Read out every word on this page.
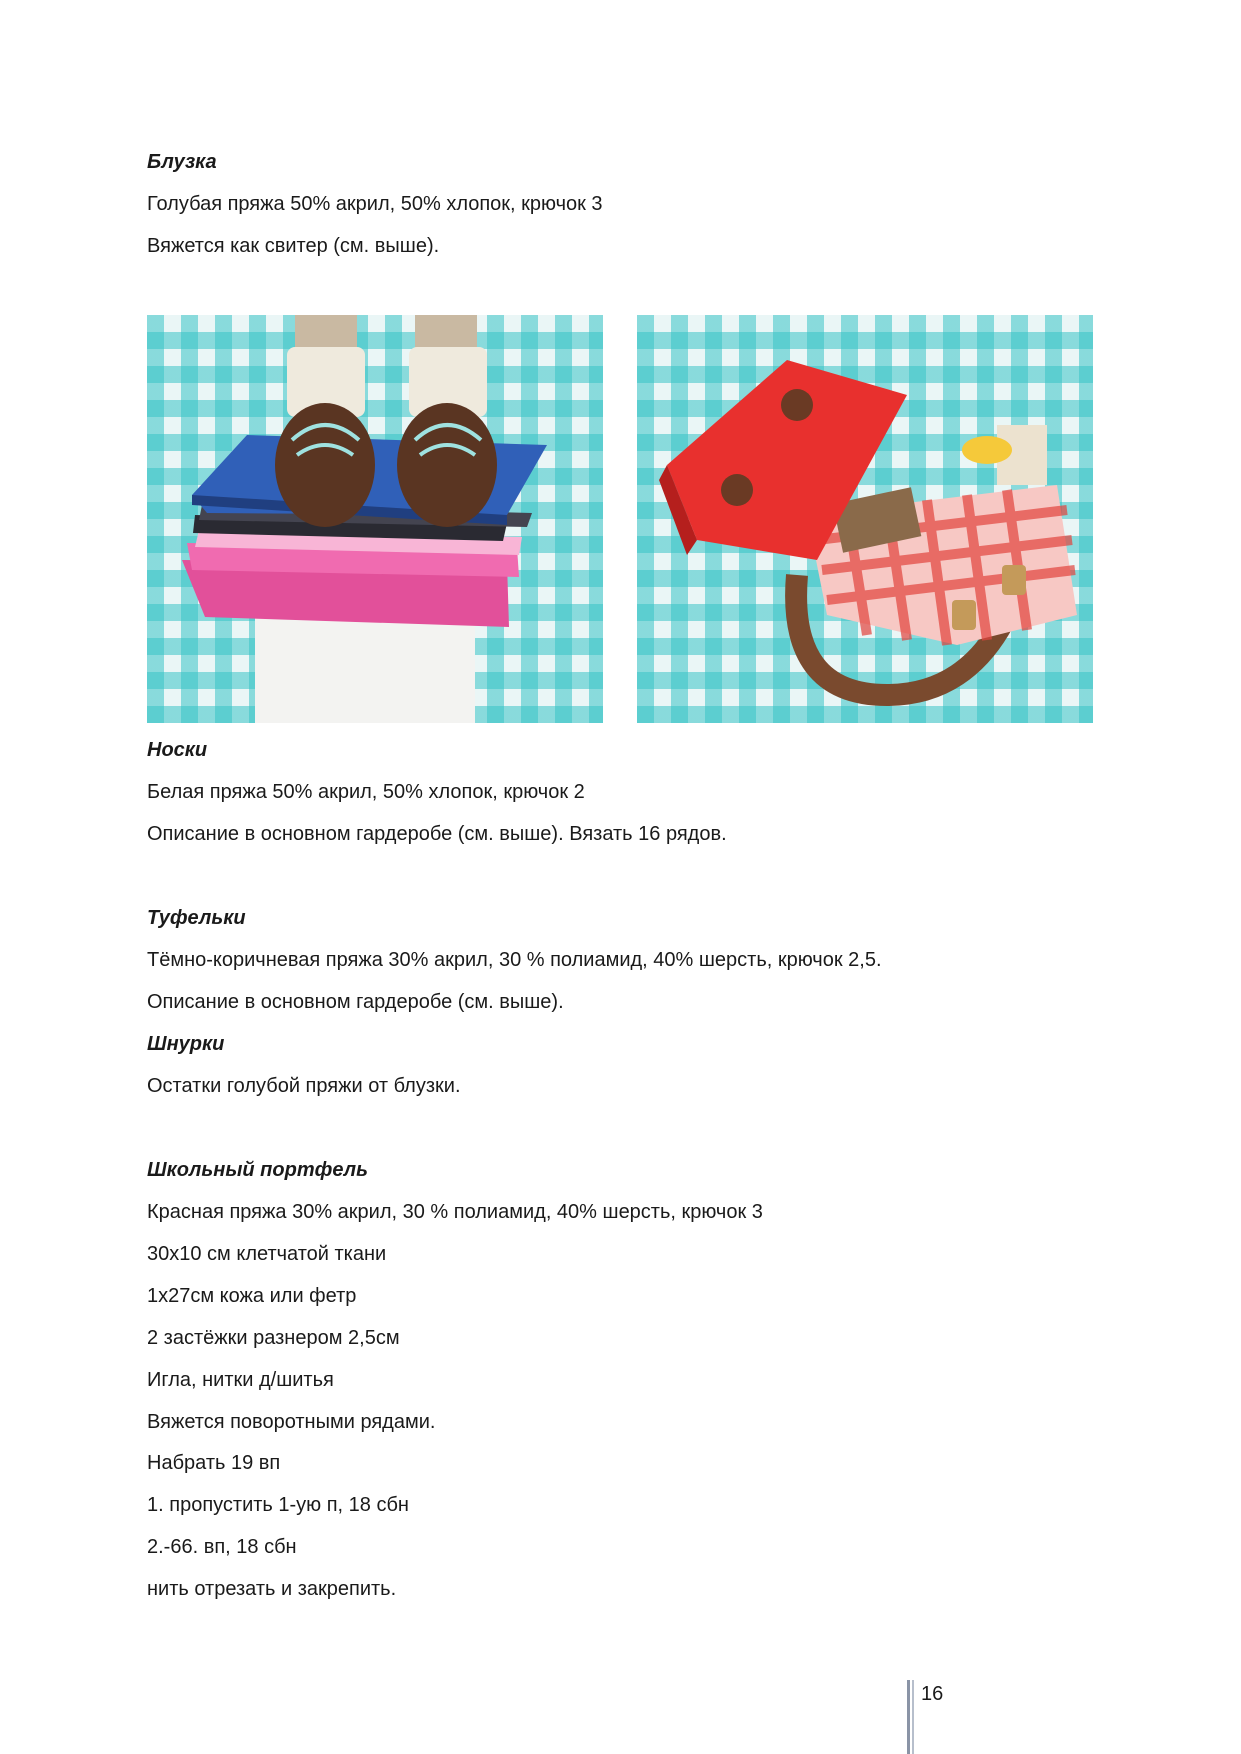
Блузка
Голубая пряжа 50% акрил, 50% хлопок, крючок 3
Вяжется как свитер (см. выше).
Носки
Белая пряжа 50% акрил, 50% хлопок, крючок 2
Описание в основном гардеробе (см. выше). Вязать 16 рядов.
Туфельки
Тёмно-коричневая пряжа 30% акрил, 30 % полиамид, 40% шерсть, крючок 2,5.
Описание в основном гардеробе (см. выше).
Шнурки
Остатки голубой пряжи от блузки.
Школьный портфель
Красная пряжа 30% акрил, 30 % полиамид, 40% шерсть, крючок 3
30х10 см клетчатой ткани
1х27см кожа или фетр
2 застёжки разнером 2,5см
Игла, нитки д/шитья
Вяжется поворотными рядами.
Набрать 19 вп
1. пропустить 1-ую п, 18 сбн
2.-66. вп, 18 сбн
нить отрезать и закрепить.
16
